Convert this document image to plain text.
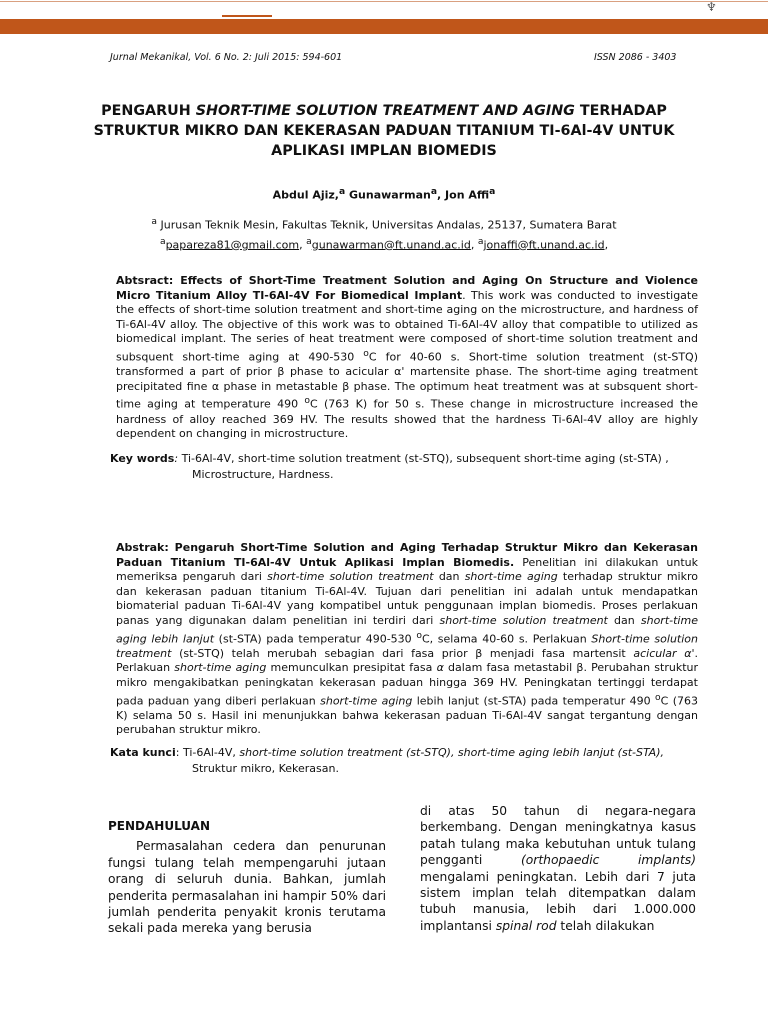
♆
Jurnal Mekanikal, Vol. 6 No. 2: Juli 2015: 594-601	ISSN 2086 - 3403
PENGARUH SHORT-TIME SOLUTION TREATMENT AND AGING TERHADAP STRUKTUR MIKRO DAN KEKERASAN PADUAN TITANIUM TI-6Al-4V UNTUK APLIKASI IMPLAN BIOMEDIS
Abdul Ajiz,$^a$ Gunawarman$^a$, Jon Affi$^a$
$^a$ Jurusan Teknik Mesin, Fakultas Teknik, Universitas Andalas, 25137, Sumatera Barat
$^a$papareza81@gmail.com, $^a$gunawarman@ft.unand.ac.id, $^a$jonaffi@ft.unand.ac.id,
Abtsract: Effects of Short-Time Treatment Solution and Aging On Structure and Violence Micro Titanium Alloy TI-6Al-4V For Biomedical Implant. This work was conducted to investigate the effects of short-time solution treatment and short-time aging on the microstructure, and hardness of Ti-6Al-4V alloy. The objective of this work was to obtained Ti-6Al-4V alloy that compatible to utilized as biomedical implant. The series of heat treatment were composed of short-time solution treatment and subsquent short-time aging at 490-530 $^o$C for 40-60 s. Short-time solution treatment (st-STQ) transformed a part of prior β phase to acicular α' martensite phase. The short-time aging treatment precipitated fine α phase in metastable β phase. The optimum heat treatment was at subsquent short-time aging at temperature 490 $^o$C (763 K) for 50 s. These change in microstructure increased the hardness of alloy reached 369 HV. The results showed that the hardness Ti-6Al-4V alloy are highly dependent on changing in microstructure.
Key words: Ti-6Al-4V, short-time solution treatment (st-STQ), subsequent short-time aging (st-STA) ,
Microstructure, Hardness.
Abstrak: Pengaruh Short-Time Solution and Aging Terhadap Struktur Mikro dan Kekerasan Paduan Titanium TI-6Al-4V Untuk Aplikasi Implan Biomedis. Penelitian ini dilakukan untuk memeriksa pengaruh dari short-time solution treatment dan short-time aging terhadap struktur mikro dan kekerasan paduan titanium Ti-6Al-4V. Tujuan dari penelitian ini adalah untuk mendapatkan biomaterial paduan Ti-6Al-4V yang kompatibel untuk penggunaan implan biomedis. Proses perlakuan panas yang digunakan dalam penelitian ini terdiri dari short-time solution treatment dan short-time aging lebih lanjut (st-STA) pada temperatur 490-530 $^o$C, selama 40-60 s. Perlakuan Short-time solution treatment (st-STQ) telah merubah sebagian dari fasa prior β menjadi fasa martensit acicular α'. Perlakuan short-time aging memunculkan presipitat fasa α dalam fasa metastabil β. Perubahan struktur mikro mengakibatkan peningkatan kekerasan paduan hingga 369 HV. Peningkatan tertinggi terdapat pada paduan yang diberi perlakuan short-time aging lebih lanjut (st-STA) pada temperatur 490 $^o$C (763 K) selama 50 s. Hasil ini menunjukkan bahwa kekerasan paduan Ti-6Al-4V sangat tergantung dengan perubahan struktur mikro.
Kata kunci: Ti-6Al-4V, short-time solution treatment (st-STQ), short-time aging lebih lanjut (st-STA),
Struktur mikro, Kekerasan.
PENDAHULUAN
Permasalahan cedera dan penurunan fungsi tulang telah mempengaruhi jutaan orang di seluruh dunia. Bahkan, jumlah penderita permasalahan ini hampir 50% dari jumlah penderita penyakit kronis terutama sekali pada mereka yang berusia
di atas 50 tahun di negara-negara berkembang. Dengan meningkatnya kasus patah tulang maka kebutuhan untuk tulang pengganti (orthopaedic implants) mengalami peningkatan. Lebih dari 7 juta sistem implan telah ditempatkan dalam tubuh manusia, lebih dari 1.000.000 implantansi spinal rod telah dilakukan
